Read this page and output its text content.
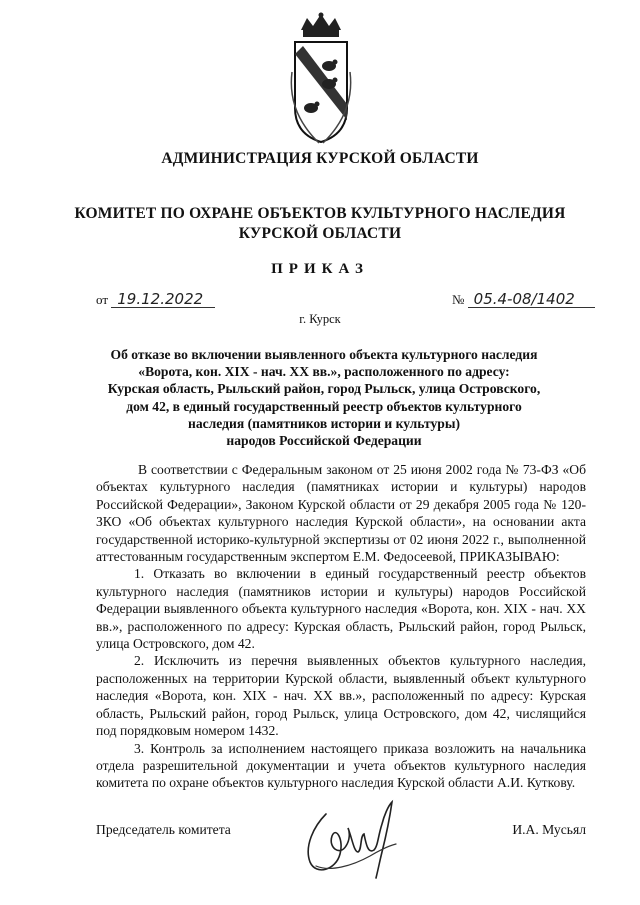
АДМИНИСТРАЦИЯ КУРСКОЙ ОБЛАСТИ
КОМИТЕТ ПО ОХРАНЕ ОБЪЕКТОВ КУЛЬТУРНОГО НАСЛЕДИЯ
КУРСКОЙ ОБЛАСТИ
ПРИКАЗ
от 19.12.2022	№ 05.4-08/1402
г. Курск
Об отказе во включении выявленного объекта культурного наследия
«Ворота, кон. XIX - нач. XX вв.», расположенного по адресу:
Курская область, Рыльский район, город Рыльск, улица Островского,
дом 42, в единый государственный реестр объектов культурного
наследия (памятников истории и культуры)
народов Российской Федерации

В соответствии с Федеральным законом от 25 июня 2002 года № 73-ФЗ «Об объектах культурного наследия (памятниках истории и культуры) народов Российской Федерации», Законом Курской области от 29 декабря 2005 года № 120-ЗКО «Об объектах культурного наследия Курской области», на основании акта государственной историко-культурной экспертизы от 02 июня 2022 г., выполненной аттестованным государственным экспертом Е.М. Федосеевой, ПРИКАЗЫВАЮ:

1. Отказать во включении в единый государственный реестр объектов культурного наследия (памятников истории и культуры) народов Российской Федерации выявленного объекта культурного наследия «Ворота, кон. XIX - нач. XX вв.», расположенного по адресу: Курская область, Рыльский район, город Рыльск, улица Островского, дом 42.

2. Исключить из перечня выявленных объектов культурного наследия, расположенных на территории Курской области, выявленный объект культурного наследия «Ворота, кон. XIX - нач. XX вв.», расположенный по адресу: Курская область, Рыльский район, город Рыльск, улица Островского, дом 42, числящийся под порядковым номером 1432.

3. Контроль за исполнением настоящего приказа возложить на начальника отдела разрешительной документации и учета объектов культурного наследия комитета по охране объектов культурного наследия Курской области А.И. Куткову.

Председатель комитета	И.А. Мусьял
